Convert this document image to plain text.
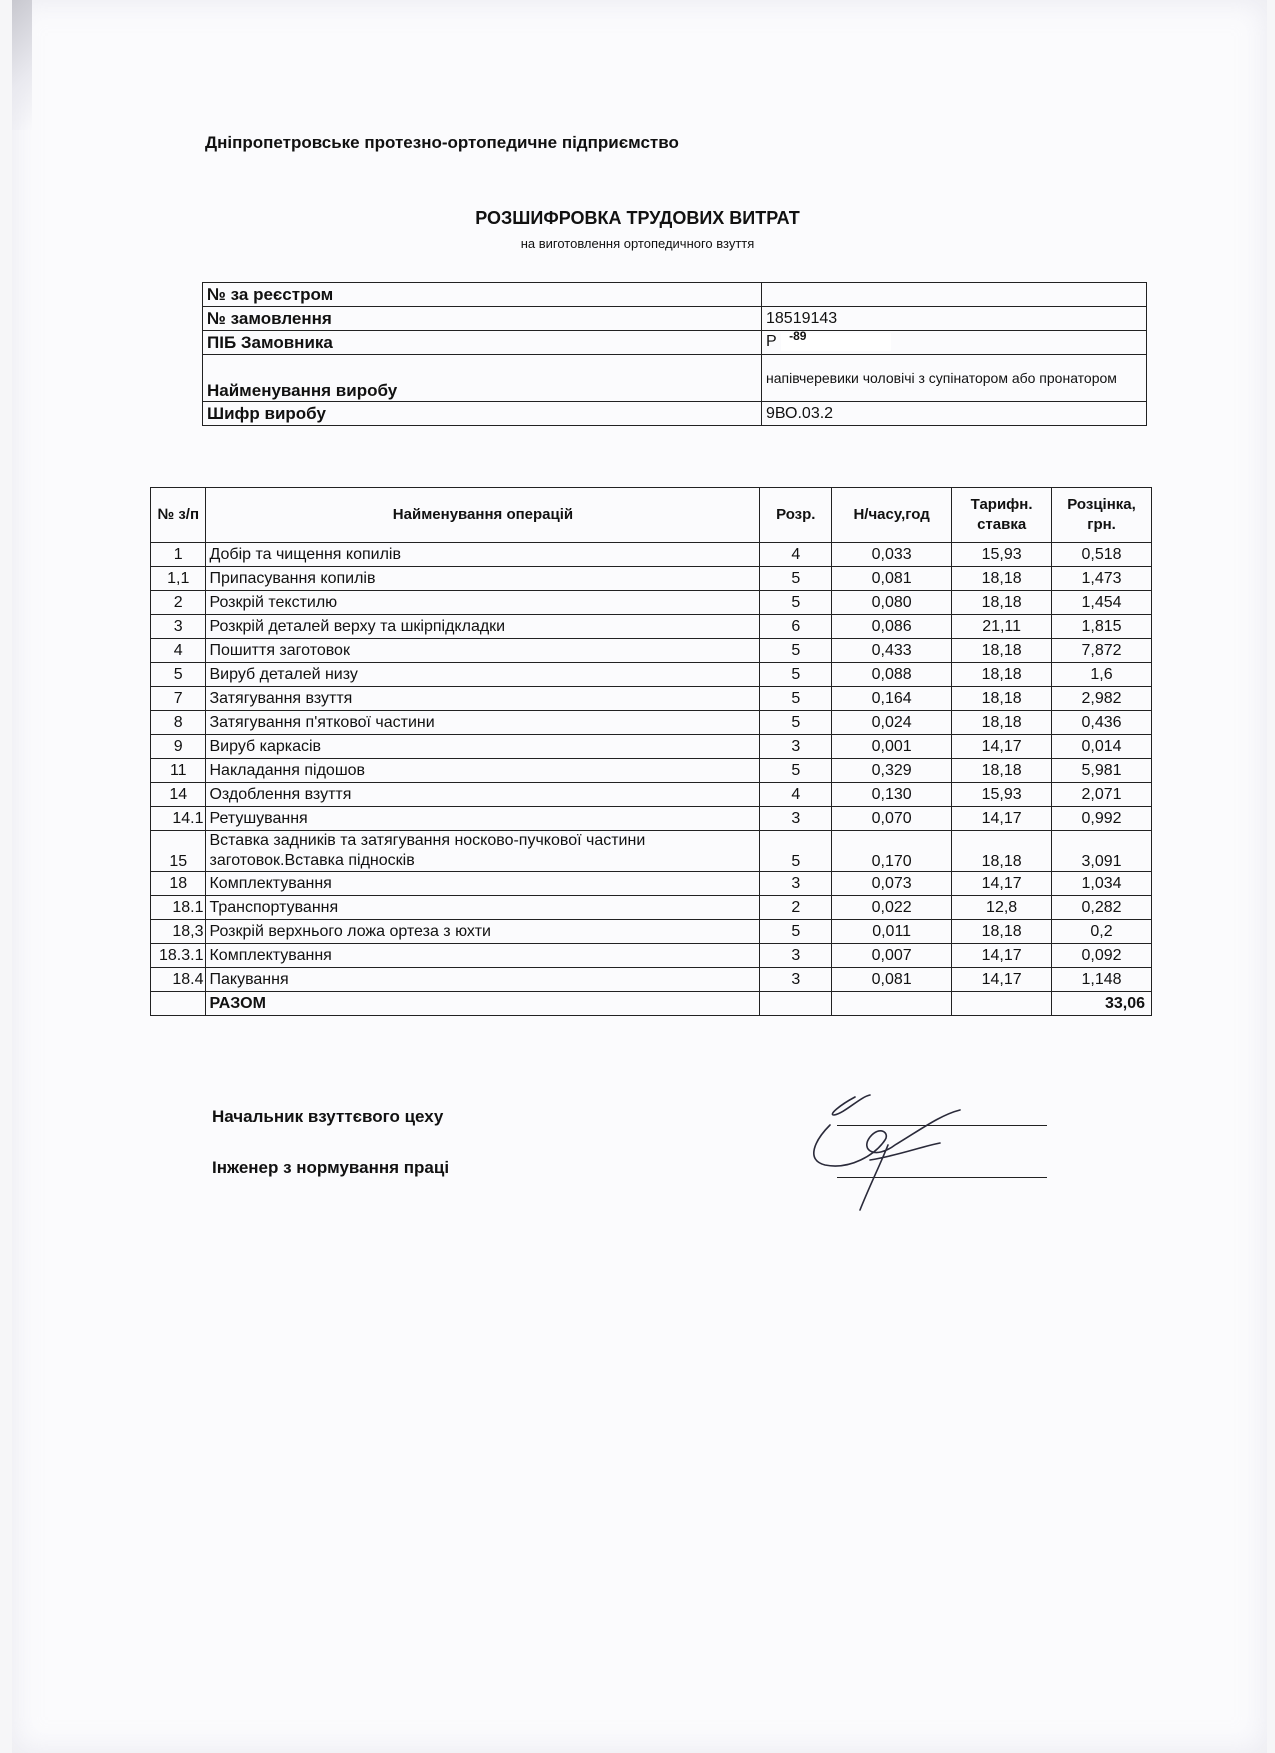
Дніпропетровське протезно-ортопедичне підприємство
РОЗШИФРОВКА ТРУДОВИХ ВИТРАТ
на виготовлення ортопедичного взуття
№ за реєстром	
№ замовлення	18519143
ПІБ Замовника	Р -89

Найменування виробу	напівчеревики чоловічі з супінатором або пронатором
Шифр виробу	9ВО.03.2
№ з/п	Найменування операцій	Розр.	Н/часу,год	Тарифн. ставка	Розцінка, грн.
1	Добір та чищення копилів	4	0,033	15,93	0,518
1,1	Припасування копилів	5	0,081	18,18	1,473
2	Розкрій текстилю	5	0,080	18,18	1,454
3	Розкрій деталей верху та шкірпідкладки	6	0,086	21,11	1,815
4	Пошиття заготовок	5	0,433	18,18	7,872
5	Вируб деталей низу	5	0,088	18,18	1,6
7	Затягування взуття	5	0,164	18,18	2,982
8	Затягування п'яткової частини	5	0,024	18,18	0,436
9	Вируб каркасів	3	0,001	14,17	0,014
11	Накладання підошов	5	0,329	18,18	5,981
14	Оздоблення взуття	4	0,130	15,93	2,071
14.1	Ретушування	3	0,070	14,17	0,992
15	Вставка задників та затягування носково-пучкової частини заготовок.Вставка підносків	5	0,170	18,18	3,091
18	Комплектування	3	0,073	14,17	1,034
18.1	Транспортування	2	0,022	12,8	0,282
18,3	Розкрій верхнього ложа ортеза з юхти	5	0,011	18,18	0,2
18.3.1	Комплектування	3	0,007	14,17	0,092
18.4	Пакування	3	0,081	14,17	1,148
	РАЗОМ				33,06
Начальник взуттєвого цеху
Інженер з нормування праці
